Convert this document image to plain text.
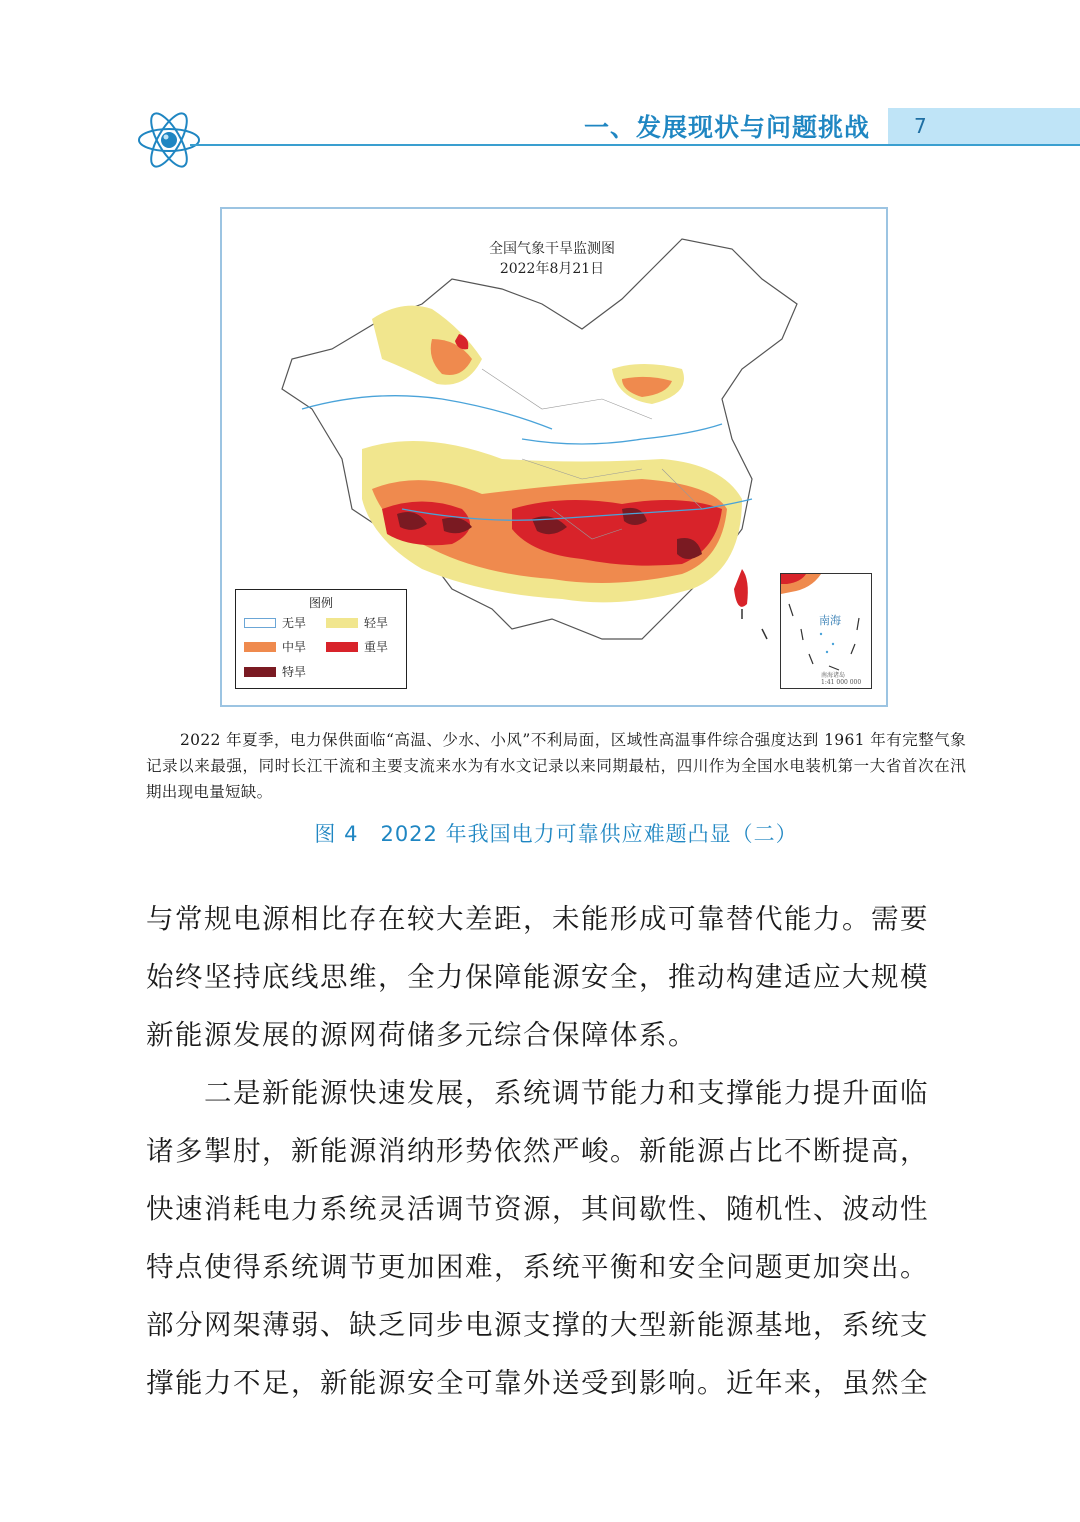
一、发展现状与问题挑战	7
全国气象干旱监测图
2022年8月21日
图例
无旱	轻旱
中旱	重旱
特旱
南海
南海诸岛
1:41 000 000
2022 年夏季，电力保供面临“高温、少水、小风”不利局面，区域性高温事件综合强度达到 1961 年有完整气象记录以来最强，同时长江干流和主要支流来水为有水文记录以来同期最枯，四川作为全国水电装机第一大省首次在汛期出现电量短缺。
图 4　2022 年我国电力可靠供应难题凸显（二）
与常规电源相比存在较大差距，未能形成可靠替代能力。需要
始终坚持底线思维，全力保障能源安全，推动构建适应大规模
新能源发展的源网荷储多元综合保障体系。
二是新能源快速发展，系统调节能力和支撑能力提升面临
诸多掣肘，新能源消纳形势依然严峻。新能源占比不断提高，
快速消耗电力系统灵活调节资源，其间歇性、随机性、波动性
特点使得系统调节更加困难，系统平衡和安全问题更加突出。
部分网架薄弱、缺乏同步电源支撑的大型新能源基地，系统支
撑能力不足，新能源安全可靠外送受到影响。近年来，虽然全
